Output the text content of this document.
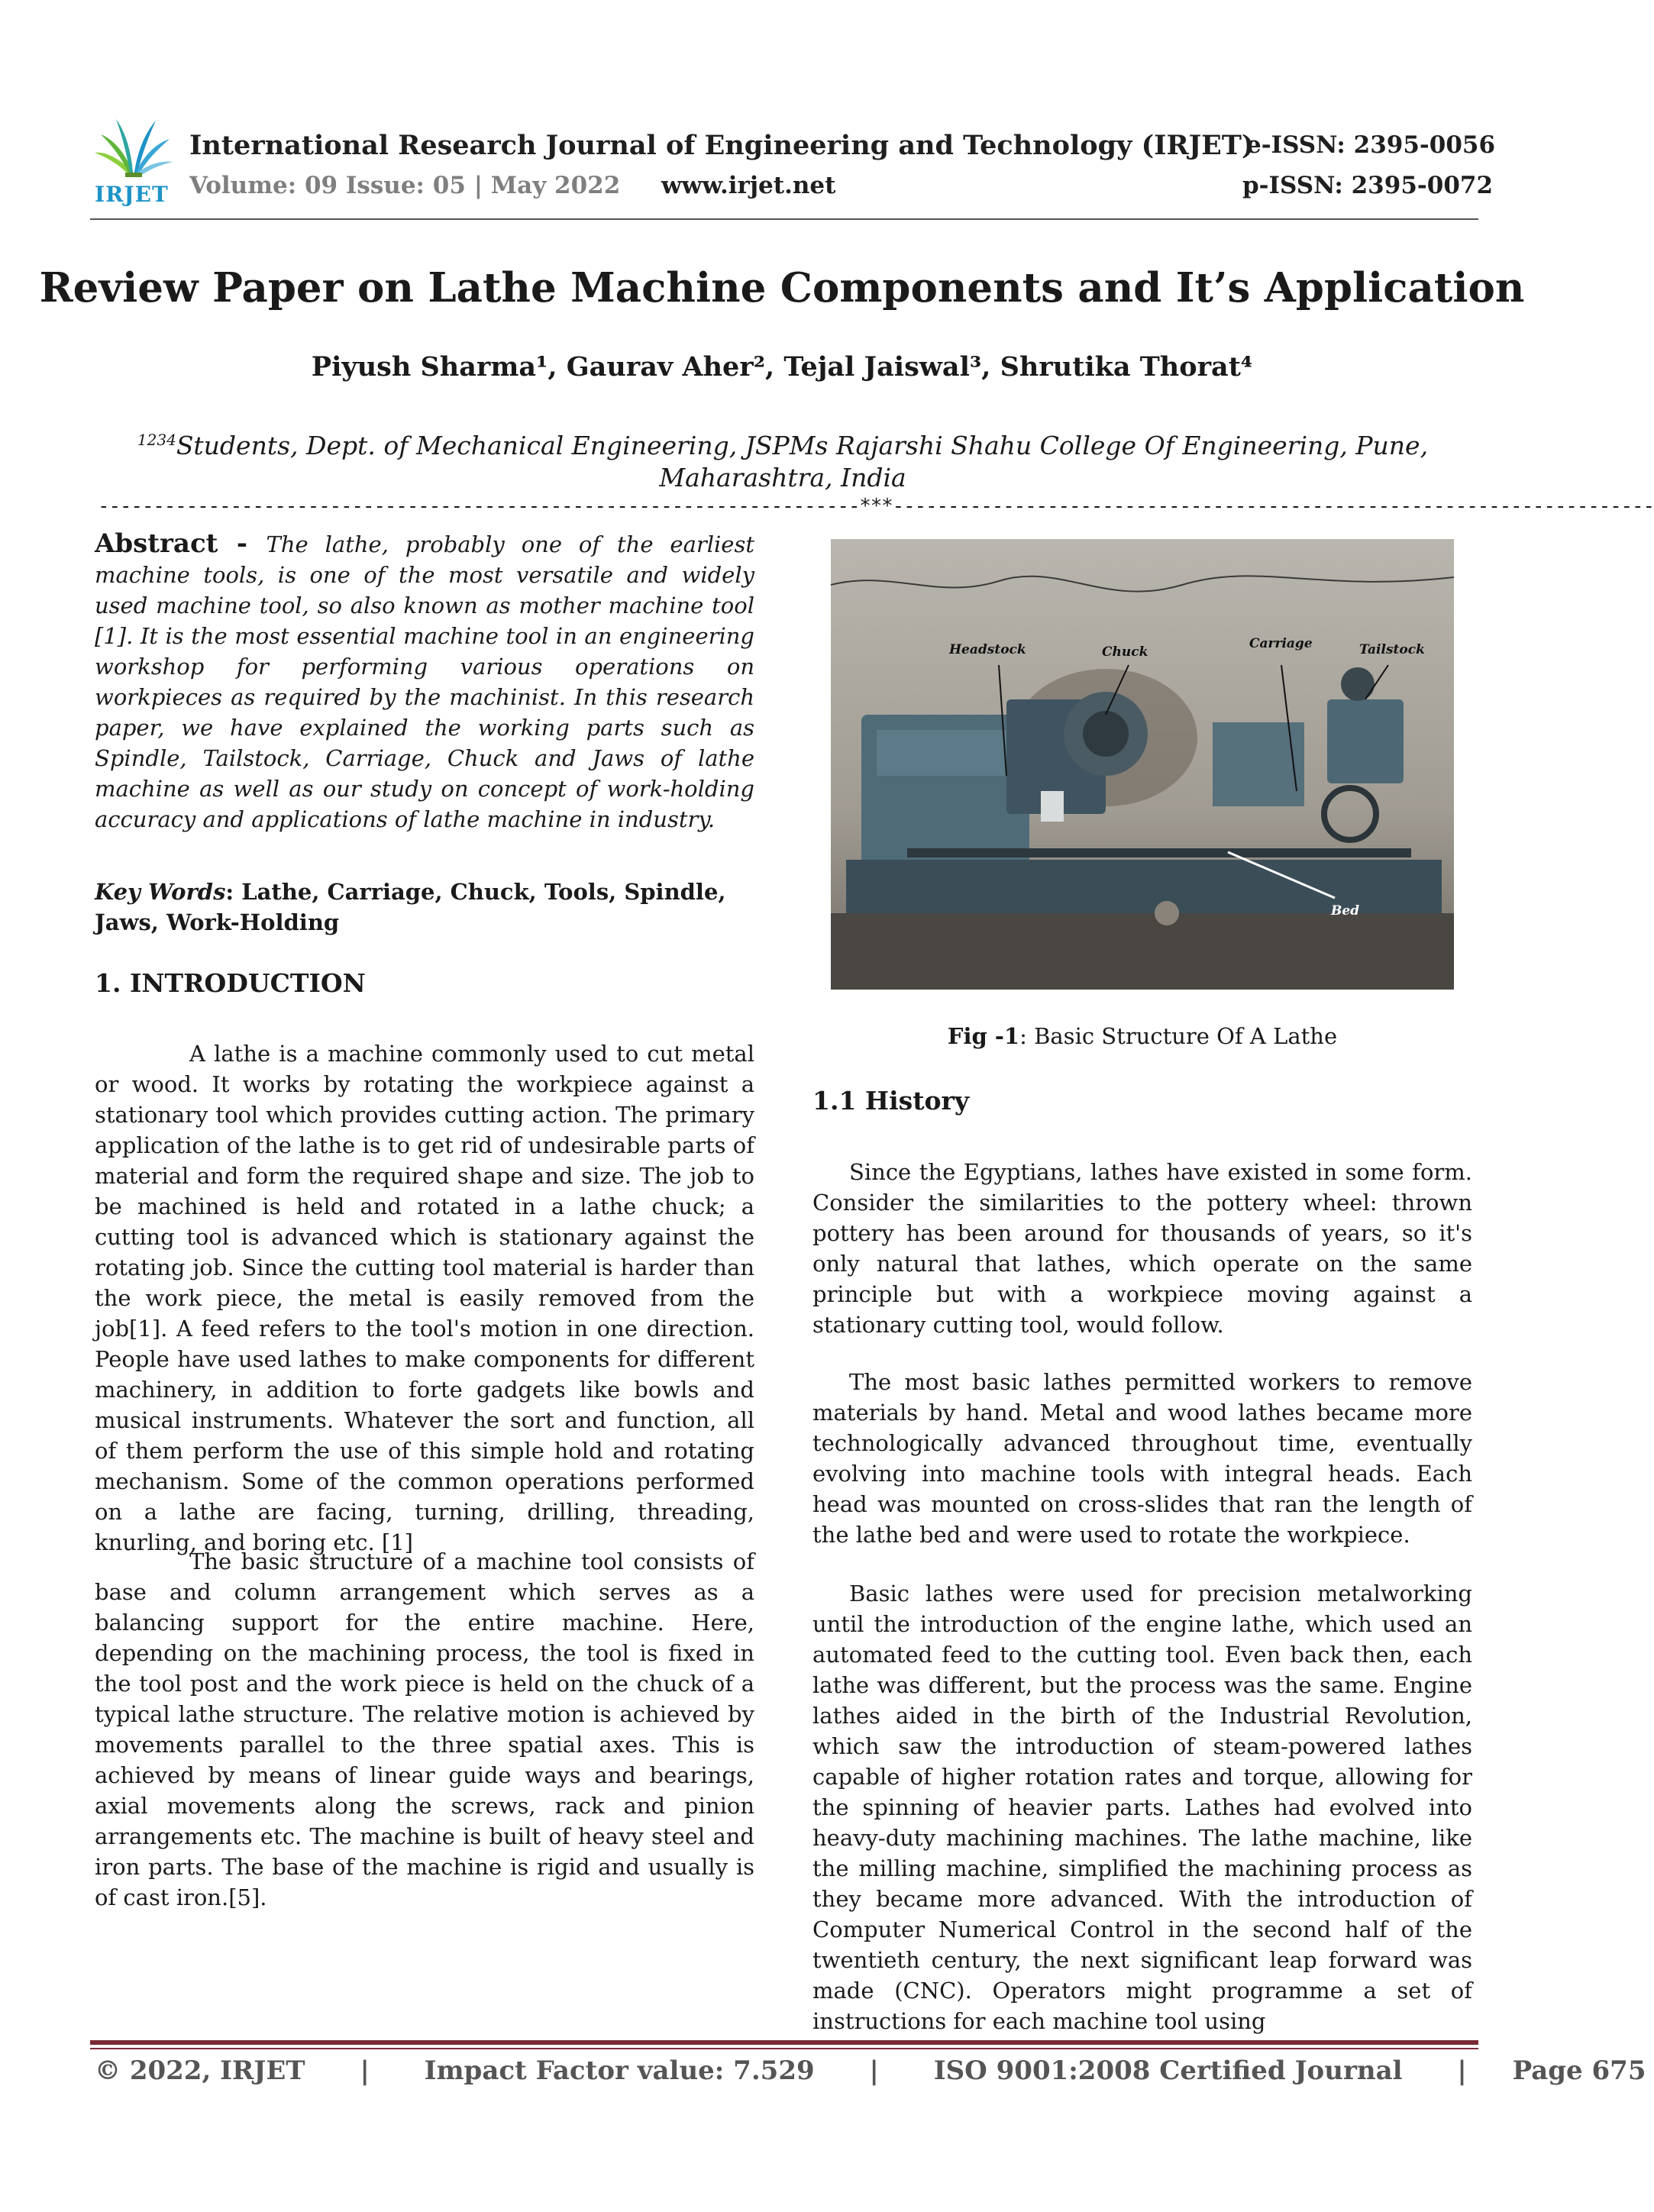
IRJET
International Research Journal of Engineering and Technology (IRJET)
Volume: 09 Issue: 05 | May 2022 www.irjet.net
e-ISSN: 2395-0056
p-ISSN: 2395-0072
Review Paper on Lathe Machine Components and It’s Application
Piyush Sharma¹, Gaurav Aher², Tejal Jaiswal³, Shrutika Thorat⁴
$^{1234}$Students, Dept. of Mechanical Engineering, JSPMs Rajarshi Shahu College Of Engineering, Pune, Maharashtra, India
---------------------------------------------------------------------***---------------------------------------------------------------------
Abstract - The lathe, probably one of the earliest machine tools, is one of the most versatile and widely used machine tool, so also known as mother machine tool [1]. It is the most essential machine tool in an engineering workshop for performing various operations on workpieces as required by the machinist. In this research paper, we have explained the working parts such as Spindle, Tailstock, Carriage, Chuck and Jaws of lathe machine as well as our study on concept of work-holding accuracy and applications of lathe machine in industry.
Key Words: Lathe, Carriage, Chuck, Tools, Spindle, Jaws, Work-Holding
1. INTRODUCTION

A lathe is a machine commonly used to cut metal or wood. It works by rotating the workpiece against a stationary tool which provides cutting action. The primary application of the lathe is to get rid of undesirable parts of material and form the required shape and size. The job to be machined is held and rotated in a lathe chuck; a cutting tool is advanced which is stationary against the rotating job. Since the cutting tool material is harder than the work piece, the metal is easily removed from the job[1]. A feed refers to the tool's motion in one direction. People have used lathes to make components for different machinery, in addition to forte gadgets like bowls and musical instruments. Whatever the sort and function, all of them perform the use of this simple hold and rotating mechanism. Some of the common operations performed on a lathe are facing, turning, drilling, threading, knurling, and boring etc. [1]

The basic structure of a machine tool consists of base and column arrangement which serves as a balancing support for the entire machine. Here, depending on the machining process, the tool is fixed in the tool post and the work piece is held on the chuck of a typical lathe structure. The relative motion is achieved by movements parallel to the three spatial axes. This is achieved by means of linear guide ways and bearings, axial movements along the screws, rack and pinion arrangements etc. The machine is built of heavy steel and iron parts. The base of the machine is rigid and usually is of cast iron.[5].

Headstock	Chuck
Carriage	Tailstock
Bed
Fig -1: Basic Structure Of A Lathe
1.1 History

Since the Egyptians, lathes have existed in some form. Consider the similarities to the pottery wheel: thrown pottery has been around for thousands of years, so it's only natural that lathes, which operate on the same principle but with a workpiece moving against a stationary cutting tool, would follow.

The most basic lathes permitted workers to remove materials by hand. Metal and wood lathes became more technologically advanced throughout time, eventually evolving into machine tools with integral heads. Each head was mounted on cross-slides that ran the length of the lathe bed and were used to rotate the workpiece.

Basic lathes were used for precision metalworking until the introduction of the engine lathe, which used an automated feed to the cutting tool. Even back then, each lathe was different, but the process was the same. Engine lathes aided in the birth of the Industrial Revolution, which saw the introduction of steam-powered lathes capable of higher rotation rates and torque, allowing for the spinning of heavier parts. Lathes had evolved into heavy-duty machining machines. The lathe machine, like the milling machine, simplified the machining process as they became more advanced. With the introduction of Computer Numerical Control in the second half of the twentieth century, the next significant leap forward was made (CNC). Operators might programme a set of instructions for each machine tool using

© 2022, IRJET | Impact Factor value: 7.529 | ISO 9001:2008 Certified Journal | Page 675
